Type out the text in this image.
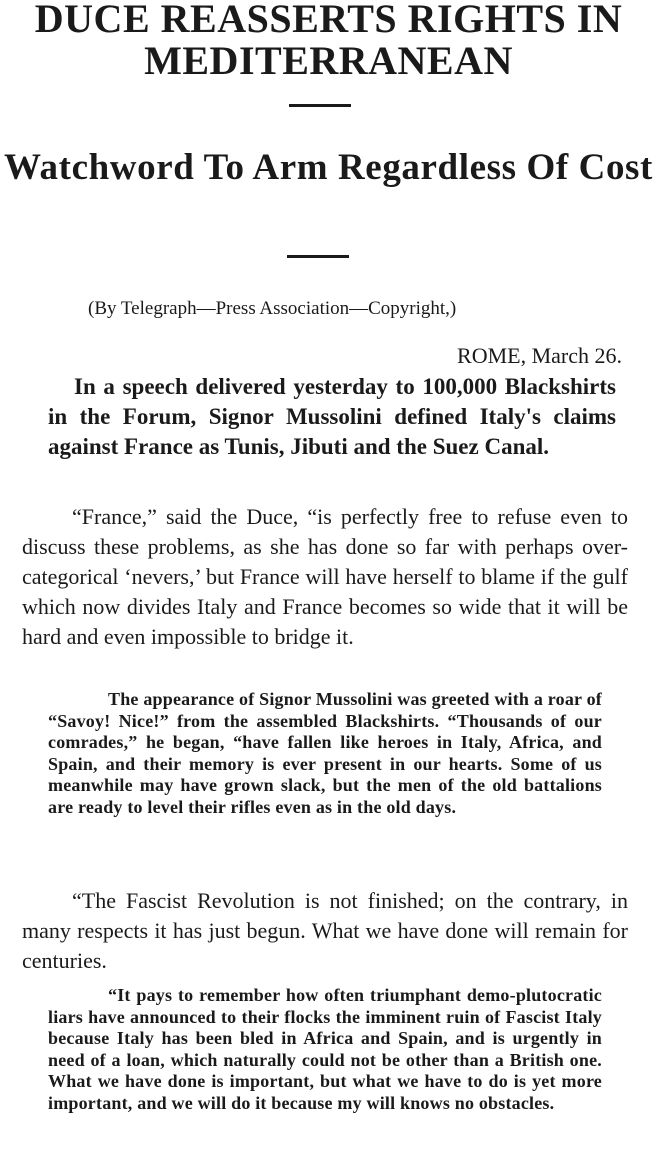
DUCE REASSERTS RIGHTS IN MEDITERRANEAN
Watchword To Arm Regardless Of Cost
(By Telegraph—Press Association—Copyright,)
ROME, March 26.

In a speech delivered yesterday to 100,000 Blackshirts in the Forum, Signor Mussolini defined Italy's claims against France as Tunis, Jibuti and the Suez Canal.

“France,” said the Duce, “is perfectly free to refuse even to discuss these problems, as she has done so far with perhaps over-categorical ‘nevers,’ but France will have herself to blame if the gulf which now divides Italy and France becomes so wide that it will be hard and even impossible to bridge it.

The appearance of Signor Mussolini was greeted with a roar of “Savoy! Nice!” from the assembled Blackshirts. “Thousands of our comrades,” he began, “have fallen like heroes in Italy, Africa, and Spain, and their memory is ever present in our hearts. Some of us meanwhile may have grown slack, but the men of the old battalions are ready to level their rifles even as in the old days.

“The Fascist Revolution is not finished; on the contrary, in many respects it has just begun. What we have done will remain for centuries.

“It pays to remember how often triumphant demo-plutocratic liars have announced to their flocks the imminent ruin of Fascist Italy because Italy has been bled in Africa and Spain, and is urgently in need of a loan, which naturally could not be other than a British one. What we have done is important, but what we have to do is yet more important, and we will do it because my will knows no obstacles.
